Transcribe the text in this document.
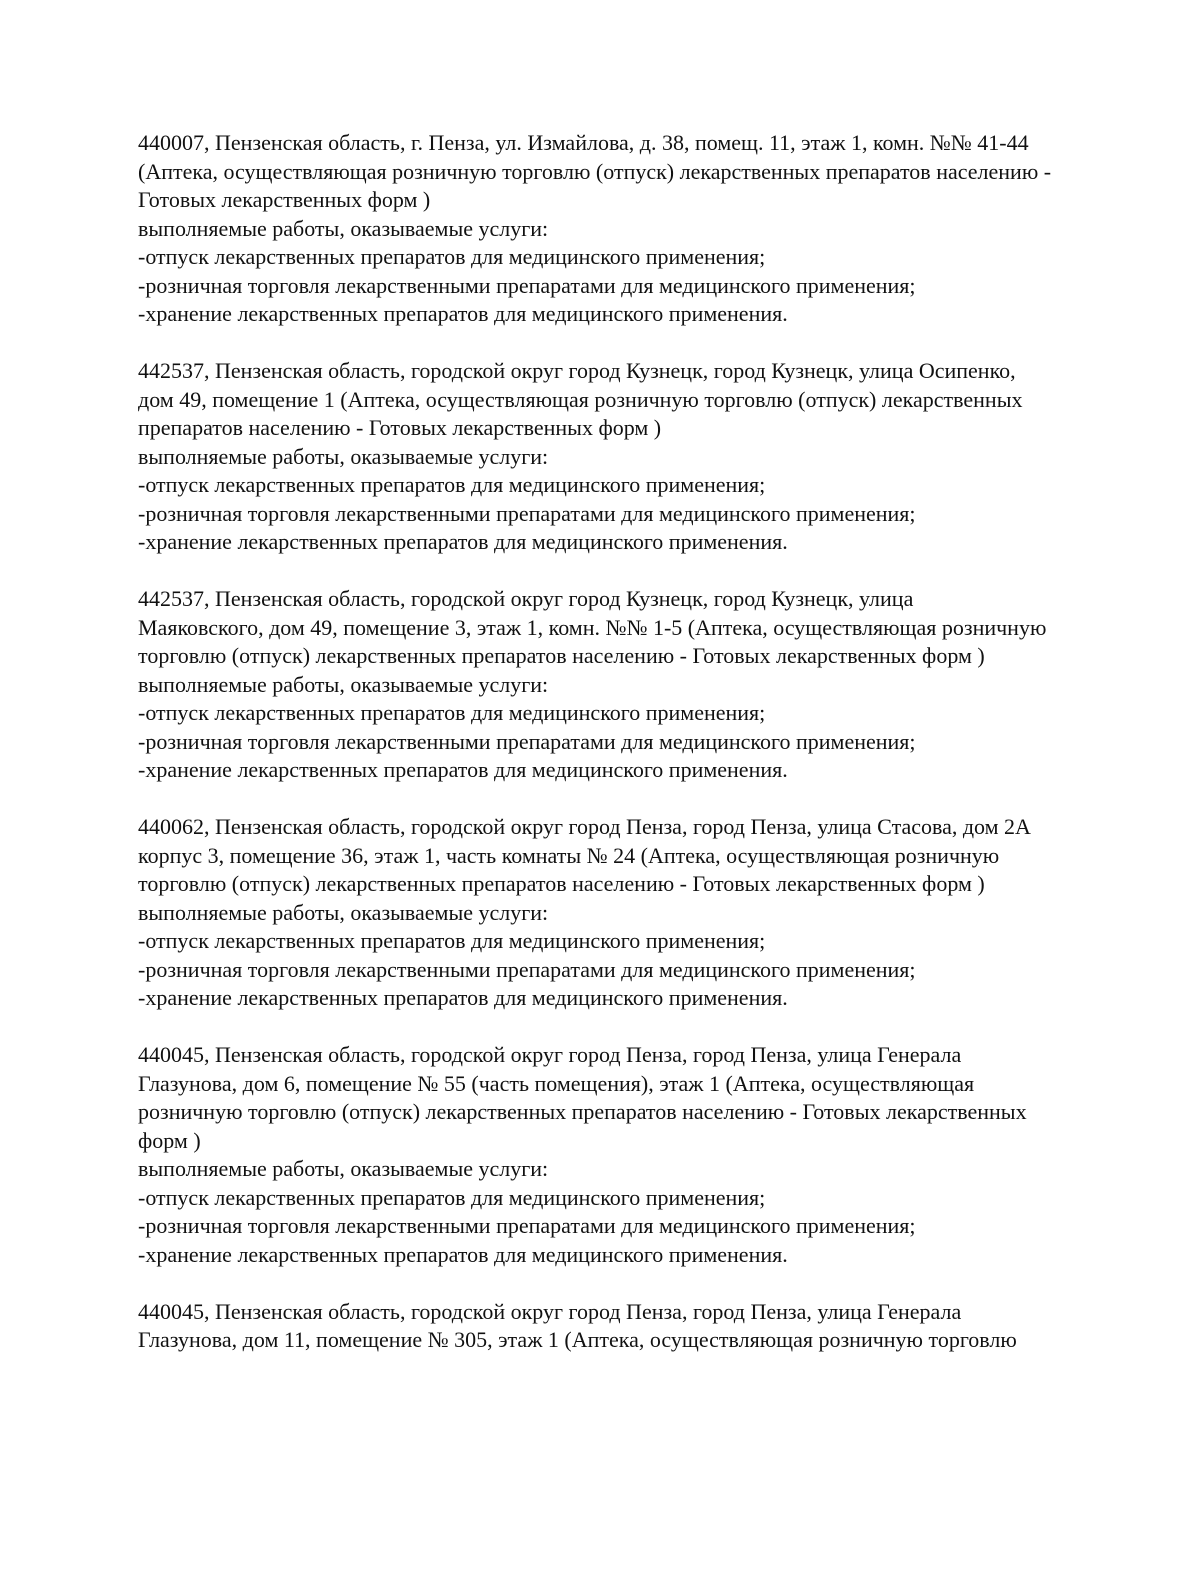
440007, Пензенская область, г. Пенза, ул. Измайлова, д. 38, помещ. 11, этаж 1, комн. №№ 41-44
(Аптека, осуществляющая розничную торговлю (отпуск) лекарственных препаратов населению -
Готовых лекарственных форм )
выполняемые работы, оказываемые услуги:
-отпуск лекарственных препаратов для медицинского применения;
-розничная торговля лекарственными препаратами для медицинского применения;
-хранение лекарственных препаратов для медицинского применения.
442537, Пензенская область, городской округ город Кузнецк, город Кузнецк, улица Осипенко,
дом 49, помещение 1 (Аптека, осуществляющая розничную торговлю (отпуск) лекарственных
препаратов населению - Готовых лекарственных форм )
выполняемые работы, оказываемые услуги:
-отпуск лекарственных препаратов для медицинского применения;
-розничная торговля лекарственными препаратами для медицинского применения;
-хранение лекарственных препаратов для медицинского применения.
442537, Пензенская область, городской округ город Кузнецк, город Кузнецк, улица
Маяковского, дом 49, помещение 3, этаж 1, комн. №№ 1-5 (Аптека, осуществляющая розничную
торговлю (отпуск) лекарственных препаратов населению - Готовых лекарственных форм )
выполняемые работы, оказываемые услуги:
-отпуск лекарственных препаратов для медицинского применения;
-розничная торговля лекарственными препаратами для медицинского применения;
-хранение лекарственных препаратов для медицинского применения.
440062, Пензенская область, городской округ город Пенза, город Пенза, улица Стасова, дом 2А
корпус 3, помещение 36, этаж 1, часть комнаты № 24 (Аптека, осуществляющая розничную
торговлю (отпуск) лекарственных препаратов населению - Готовых лекарственных форм )
выполняемые работы, оказываемые услуги:
-отпуск лекарственных препаратов для медицинского применения;
-розничная торговля лекарственными препаратами для медицинского применения;
-хранение лекарственных препаратов для медицинского применения.
440045, Пензенская область, городской округ город Пенза, город Пенза, улица Генерала
Глазунова, дом 6, помещение № 55 (часть помещения), этаж 1 (Аптека, осуществляющая
розничную торговлю (отпуск) лекарственных препаратов населению - Готовых лекарственных
форм )
выполняемые работы, оказываемые услуги:
-отпуск лекарственных препаратов для медицинского применения;
-розничная торговля лекарственными препаратами для медицинского применения;
-хранение лекарственных препаратов для медицинского применения.
440045, Пензенская область, городской округ город Пенза, город Пенза, улица Генерала
Глазунова, дом 11, помещение № 305, этаж 1 (Аптека, осуществляющая розничную торговлю
